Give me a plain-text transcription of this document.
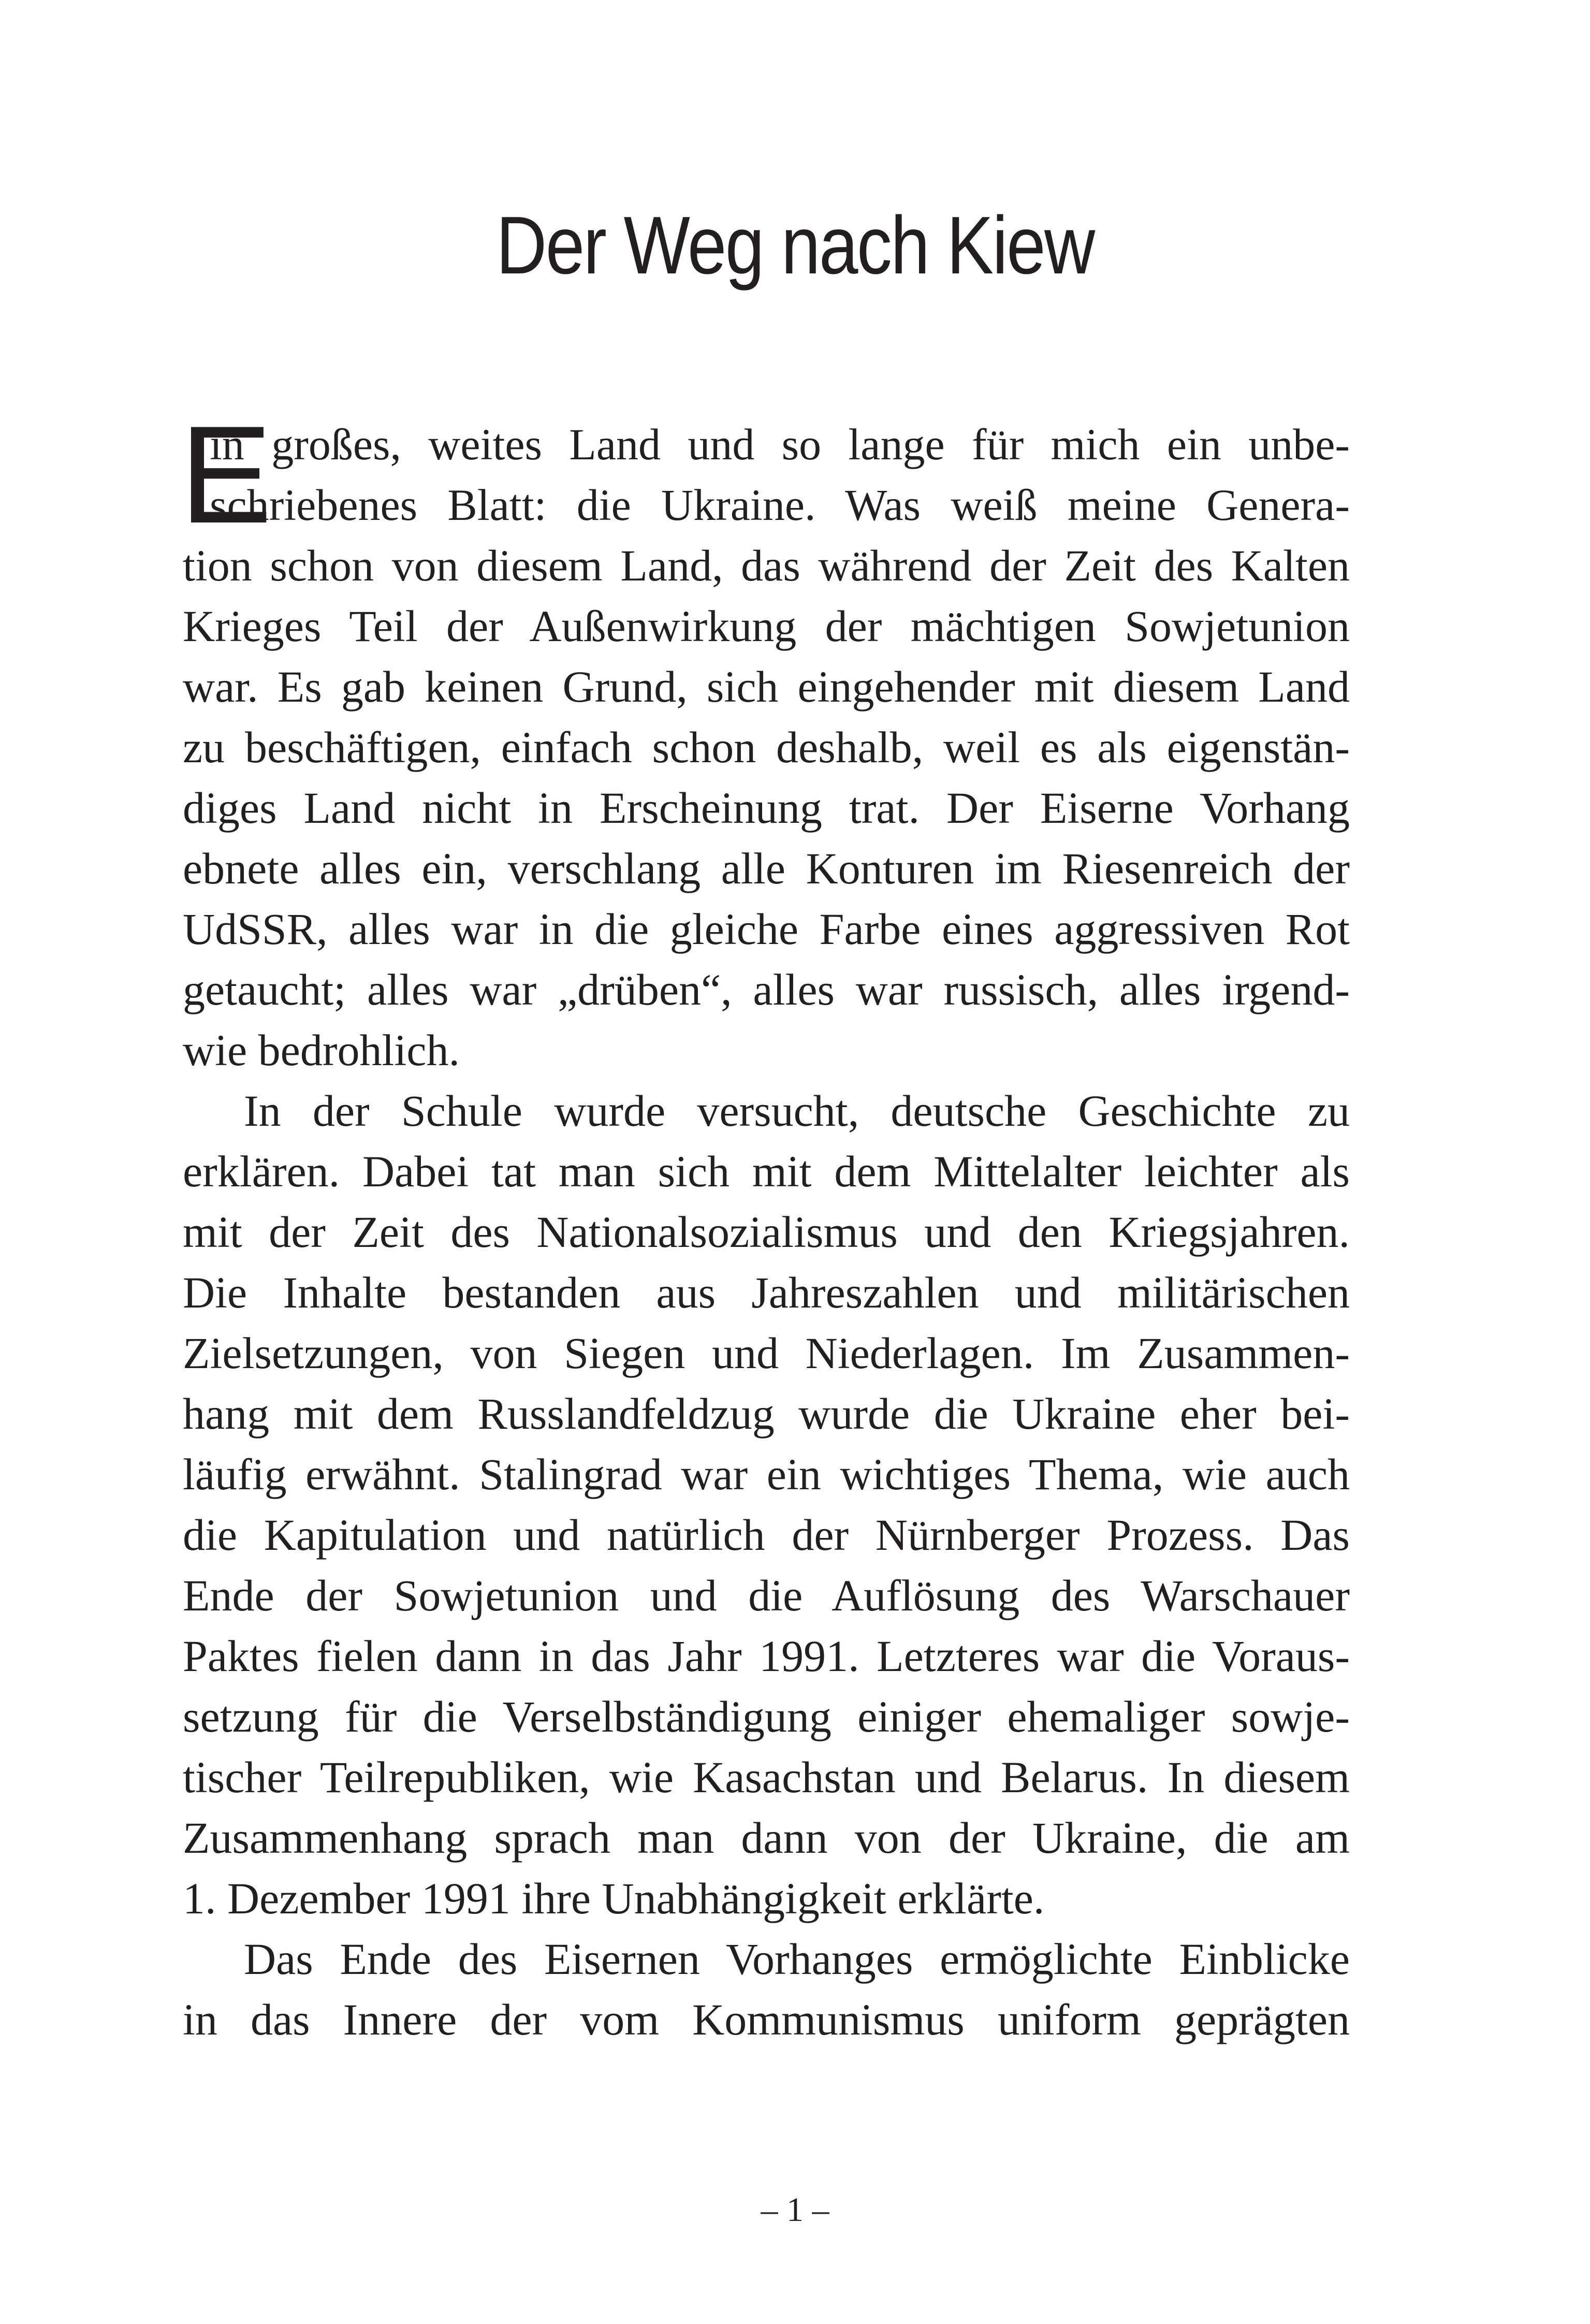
Der Weg nach Kiew
E
in großes, weites Land und so lange für mich ein unbe-
schriebenes Blatt: die Ukraine. Was weiß meine Genera-
tion schon von diesem Land, das während der Zeit des Kalten
Krieges Teil der Außenwirkung der mächtigen Sowjetunion
war. Es gab keinen Grund, sich eingehender mit diesem Land
zu beschäftigen, einfach schon deshalb, weil es als eigenstän-
diges Land nicht in Erscheinung trat. Der Eiserne Vorhang
ebnete alles ein, verschlang alle Konturen im Riesenreich der
UdSSR, alles war in die gleiche Farbe eines aggressiven Rot
getaucht; alles war „drüben“, alles war russisch, alles irgend-
wie bedrohlich.
In der Schule wurde versucht, deutsche Geschichte zu
erklären. Dabei tat man sich mit dem Mittelalter leichter als
mit der Zeit des Nationalsozialismus und den Kriegsjahren.
Die Inhalte bestanden aus Jahreszahlen und militärischen
Zielsetzungen, von Siegen und Niederlagen. Im Zusammen-
hang mit dem Russlandfeldzug wurde die Ukraine eher bei-
läufig erwähnt. Stalingrad war ein wichtiges Thema, wie auch
die Kapitulation und natürlich der Nürnberger Prozess. Das
Ende der Sowjetunion und die Auflösung des Warschauer
Paktes fielen dann in das Jahr 1991. Letzteres war die Voraus-
setzung für die Verselbständigung einiger ehemaliger sowje-
tischer Teilrepubliken, wie Kasachstan und Belarus. In diesem
Zusammenhang sprach man dann von der Ukraine, die am
1. Dezember 1991 ihre Unabhängigkeit erklärte.
Das Ende des Eisernen Vorhanges ermöglichte Einblicke
in das Innere der vom Kommunismus uniform geprägten
– 1 –
